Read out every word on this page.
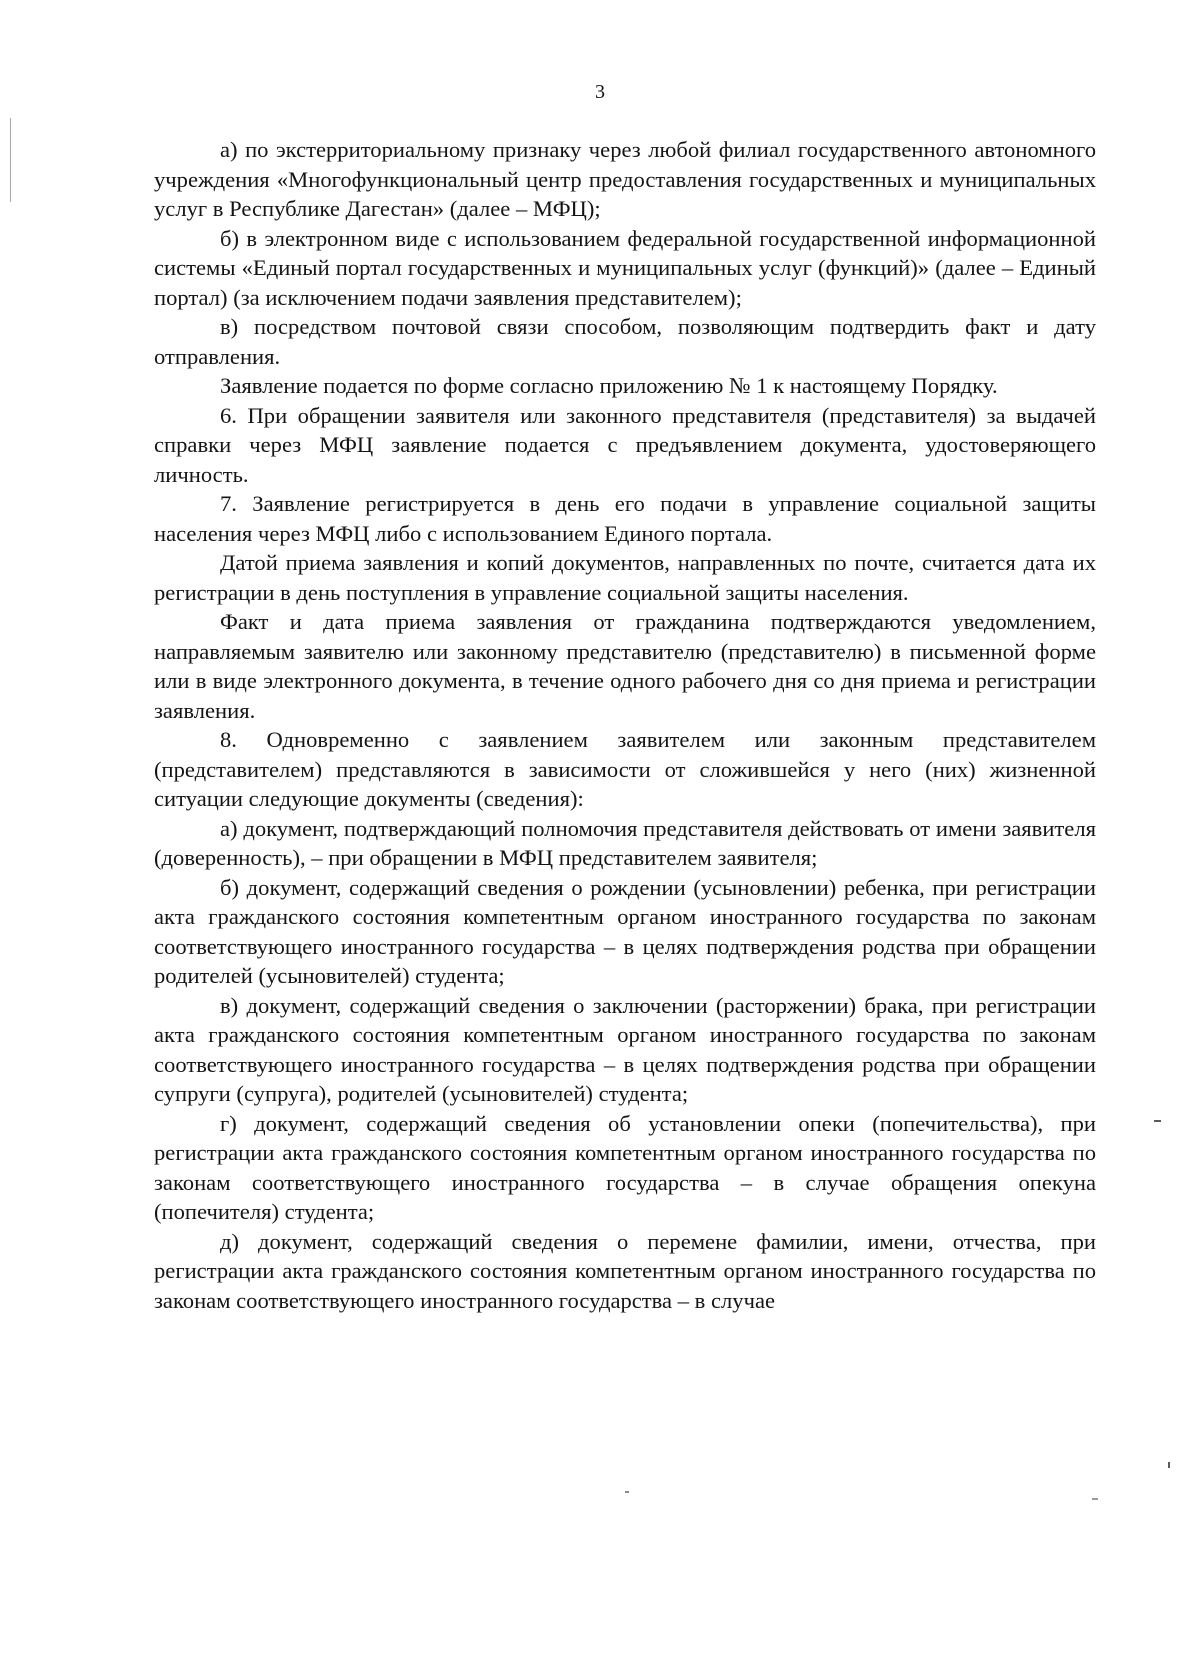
3

а) по экстерриториальному признаку через любой филиал государственного автономного учреждения «Многофункциональный центр предоставления государственных и муниципальных услуг в Республике Дагестан» (далее – МФЦ);

б) в электронном виде с использованием федеральной государственной информационной системы «Единый портал государственных и муниципальных услуг (функций)» (далее – Единый портал) (за исключением подачи заявления представителем);

в) посредством почтовой связи способом, позволяющим подтвердить факт и дату отправления.

Заявление подается по форме согласно приложению № 1 к настоящему Порядку.

6. При обращении заявителя или законного представителя (представителя) за выдачей справки через МФЦ заявление подается с предъявлением документа, удостоверяющего личность.

7. Заявление регистрируется в день его подачи в управление социальной защиты населения через МФЦ либо с использованием Единого портала.

Датой приема заявления и копий документов, направленных по почте, считается дата их регистрации в день поступления в управление социальной защиты населения.

Факт и дата приема заявления от гражданина подтверждаются уведомлением, направляемым заявителю или законному представителю (представителю) в письменной форме или в виде электронного документа, в течение одного рабочего дня со дня приема и регистрации заявления.

8. Одновременно с заявлением заявителем или законным представителем (представителем) представляются в зависимости от сложившейся у него (них) жизненной ситуации следующие документы (сведения):

а) документ, подтверждающий полномочия представителя действовать от имени заявителя (доверенность), – при обращении в МФЦ представителем заявителя;

б) документ, содержащий сведения о рождении (усыновлении) ребенка, при регистрации акта гражданского состояния компетентным органом иностранного государства по законам соответствующего иностранного государства – в целях подтверждения родства при обращении родителей (усыновителей) студента;

в) документ, содержащий сведения о заключении (расторжении) брака, при регистрации акта гражданского состояния компетентным органом иностранного государства по законам соответствующего иностранного государства – в целях подтверждения родства при обращении супруги (супруга), родителей (усыновителей) студента;

г) документ, содержащий сведения об установлении опеки (попечительства), при регистрации акта гражданского состояния компетентным органом иностранного государства по законам соответствующего иностранного государства – в случае обращения опекуна (попечителя) студента;

д) документ, содержащий сведения о перемене фамилии, имени, отчества, при регистрации акта гражданского состояния компетентным органом иностранного государства по законам соответствующего иностранного государства – в случае
